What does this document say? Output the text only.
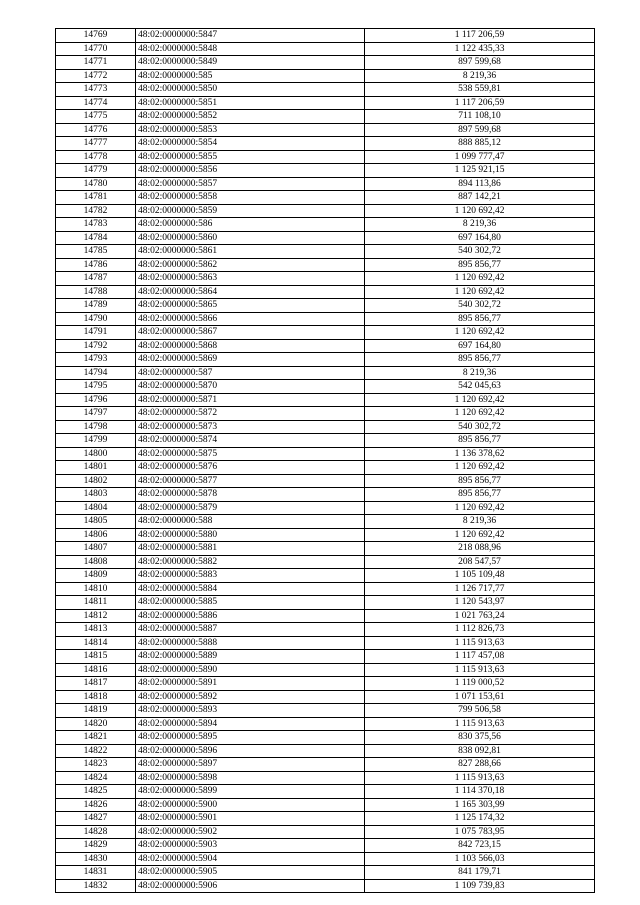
14769	48:02:0000000:5847	1 117 206,59
14770	48:02:0000000:5848	1 122 435,33
14771	48:02:0000000:5849	897 599,68
14772	48:02:0000000:585	8 219,36
14773	48:02:0000000:5850	538 559,81
14774	48:02:0000000:5851	1 117 206,59
14775	48:02:0000000:5852	711 108,10
14776	48:02:0000000:5853	897 599,68
14777	48:02:0000000:5854	888 885,12
14778	48:02:0000000:5855	1 099 777,47
14779	48:02:0000000:5856	1 125 921,15
14780	48:02:0000000:5857	894 113,86
14781	48:02:0000000:5858	887 142,21
14782	48:02:0000000:5859	1 120 692,42
14783	48:02:0000000:586	8 219,36
14784	48:02:0000000:5860	697 164,80
14785	48:02:0000000:5861	540 302,72
14786	48:02:0000000:5862	895 856,77
14787	48:02:0000000:5863	1 120 692,42
14788	48:02:0000000:5864	1 120 692,42
14789	48:02:0000000:5865	540 302,72
14790	48:02:0000000:5866	895 856,77
14791	48:02:0000000:5867	1 120 692,42
14792	48:02:0000000:5868	697 164,80
14793	48:02:0000000:5869	895 856,77
14794	48:02:0000000:587	8 219,36
14795	48:02:0000000:5870	542 045,63
14796	48:02:0000000:5871	1 120 692,42
14797	48:02:0000000:5872	1 120 692,42
14798	48:02:0000000:5873	540 302,72
14799	48:02:0000000:5874	895 856,77
14800	48:02:0000000:5875	1 136 378,62
14801	48:02:0000000:5876	1 120 692,42
14802	48:02:0000000:5877	895 856,77
14803	48:02:0000000:5878	895 856,77
14804	48:02:0000000:5879	1 120 692,42
14805	48:02:0000000:588	8 219,36
14806	48:02:0000000:5880	1 120 692,42
14807	48:02:0000000:5881	218 088,96
14808	48:02:0000000:5882	208 547,57
14809	48:02:0000000:5883	1 105 109,48
14810	48:02:0000000:5884	1 126 717,77
14811	48:02:0000000:5885	1 120 543,97
14812	48:02:0000000:5886	1 021 763,24
14813	48:02:0000000:5887	1 112 826,73
14814	48:02:0000000:5888	1 115 913,63
14815	48:02:0000000:5889	1 117 457,08
14816	48:02:0000000:5890	1 115 913,63
14817	48:02:0000000:5891	1 119 000,52
14818	48:02:0000000:5892	1 071 153,61
14819	48:02:0000000:5893	799 506,58
14820	48:02:0000000:5894	1 115 913,63
14821	48:02:0000000:5895	830 375,56
14822	48:02:0000000:5896	838 092,81
14823	48:02:0000000:5897	827 288,66
14824	48:02:0000000:5898	1 115 913,63
14825	48:02:0000000:5899	1 114 370,18
14826	48:02:0000000:5900	1 165 303,99
14827	48:02:0000000:5901	1 125 174,32
14828	48:02:0000000:5902	1 075 783,95
14829	48:02:0000000:5903	842 723,15
14830	48:02:0000000:5904	1 103 566,03
14831	48:02:0000000:5905	841 179,71
14832	48:02:0000000:5906	1 109 739,83
